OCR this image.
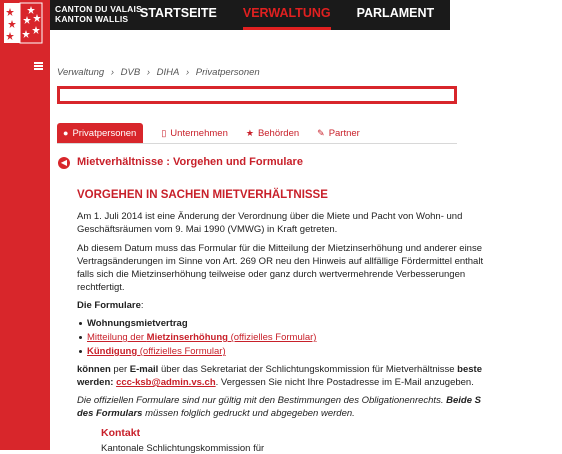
CANTON DU VALAIS
KANTON WALLIS STARTSEITE VERWALTUNG PARLAMENT REGIERUNG
Verwaltung › DVB › DIHA › Privatpersonen
● Privatpersonen	▯ Unternehmen ★ Behörden ✎ Partner
◀ Mietverhältnisse : Vorgehen und Formulare
VORGEHEN IN SACHEN MIETVERHÄLTNISSE
Am 1. Juli 2014 ist eine Änderung der Verordnung über die Miete und Pacht von Wohn- und
Geschäftsräumen vom 9. Mai 1990 (VMWG) in Kraft getreten.
Ab diesem Datum muss das Formular für die Mitteilung der Mietzinserhöhung und anderer einse
Vertragsänderungen im Sinne von Art. 269 OR neu den Hinweis auf allfällige Fördermittel enthalt
falls sich die Mietzinserhöhung teilweise oder ganz durch wertvermehrende Verbesserungen
rechtfertigt.
Die Formulare:
Wohnungsmietvertrag
Mitteilung der Mietzinserhöhung (offizielles Formular)
Kündigung (offizielles Formular)
können per E-mail über das Sekretariat der Schlichtungskommission für Mietverhältnisse beste
werden: ccc-ksb@admin.vs.ch. Vergessen Sie nicht Ihre Postadresse im E-Mail anzugeben.
Die offiziellen Formulare sind nur gültig mit den Bestimmungen des Obligationenrechts. Beide S
des Formulars müssen folglich gedruckt und abgegeben werden.
Kontakt
Kantonale Schlichtungskommission für
